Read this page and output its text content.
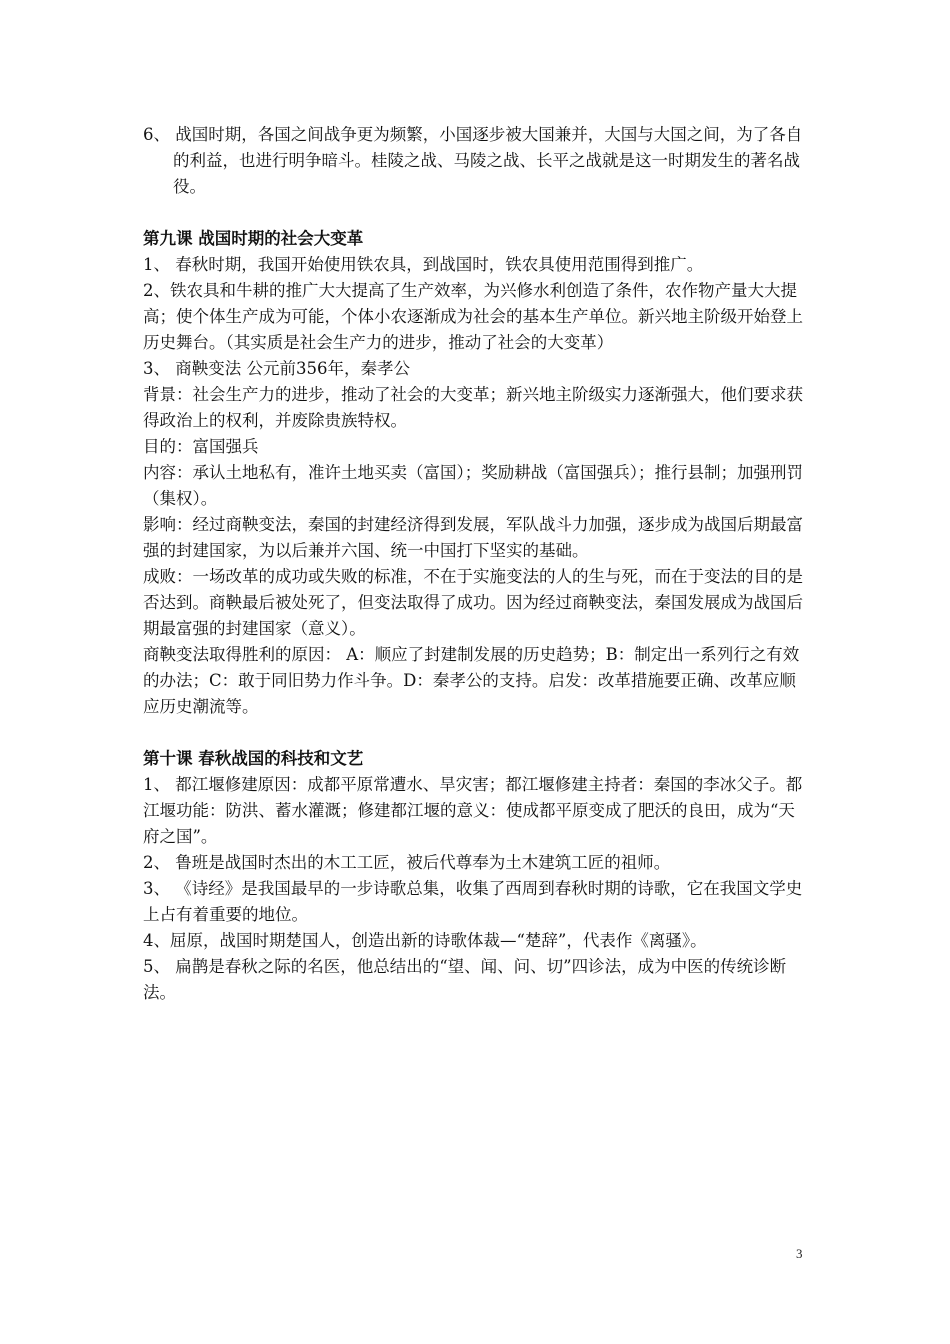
6、 战国时期，各国之间战争更为频繁，小国逐步被大国兼并，大国与大国之间，为了各自的利益，也进行明争暗斗。桂陵之战、马陵之战、长平之战就是这一时期发生的著名战役。

第九课 战国时期的社会大变革

1、 春秋时期，我国开始使用铁农具，到战国时，铁农具使用范围得到推广。

2、铁农具和牛耕的推广大大提高了生产效率，为兴修水利创造了条件，农作物产量大大提高；使个体生产成为可能，个体小农逐渐成为社会的基本生产单位。新兴地主阶级开始登上历史舞台。（其实质是社会生产力的进步，推动了社会的大变革）

3、 商鞅变法 公元前356年，秦孝公

背景：社会生产力的进步，推动了社会的大变革；新兴地主阶级实力逐渐强大，他们要求获得政治上的权利，并废除贵族特权。

目的：富国强兵

内容：承认土地私有，准许土地买卖（富国）；奖励耕战（富国强兵）；推行县制；加强刑罚（集权）。

影响：经过商鞅变法，秦国的封建经济得到发展，军队战斗力加强，逐步成为战国后期最富强的封建国家，为以后兼并六国、统一中国打下坚实的基础。

成败：一场改革的成功或失败的标准，不在于实施变法的人的生与死，而在于变法的目的是否达到。商鞅最后被处死了，但变法取得了成功。因为经过商鞅变法，秦国发展成为战国后期最富强的封建国家（意义）。

商鞅变法取得胜利的原因： A：顺应了封建制发展的历史趋势；B：制定出一系列行之有效的办法；C：敢于同旧势力作斗争。D：秦孝公的支持。启发：改革措施要正确、改革应顺应历史潮流等。

第十课 春秋战国的科技和文艺

1、 都江堰修建原因：成都平原常遭水、旱灾害；都江堰修建主持者：秦国的李冰父子。都江堰功能：防洪、蓄水灌溉；修建都江堰的意义：使成都平原变成了肥沃的良田，成为“天府之国”。

2、 鲁班是战国时杰出的木工工匠，被后代尊奉为土木建筑工匠的祖师。

3、 《诗经》是我国最早的一步诗歌总集，收集了西周到春秋时期的诗歌，它在我国文学史上占有着重要的地位。

4、屈原，战国时期楚国人，创造出新的诗歌体裁—“楚辞”，代表作《离骚》。

5、 扁鹊是春秋之际的名医，他总结出的“望、闻、问、切”四诊法，成为中医的传统诊断法。

3
